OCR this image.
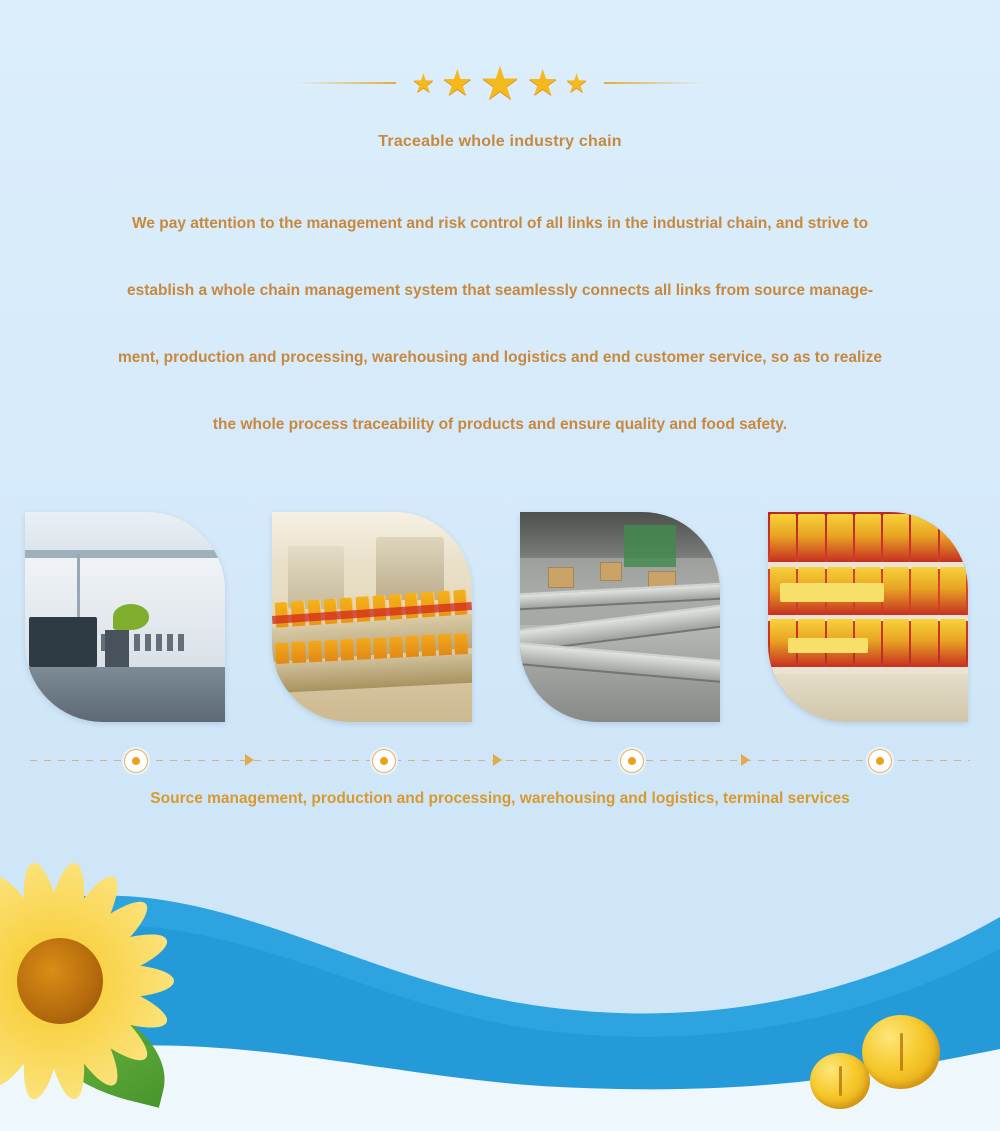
★ ★ ★ ★ ★
Traceable whole industry chain
We pay attention to the management and risk control of all links in the industrial chain, and strive to
establish a whole chain management system that seamlessly connects all links from source manage-
ment, production and processing, warehousing and logistics and end customer service, so as to realize
the whole process traceability of products and ensure quality and food safety.
Source management, production and processing, warehousing and logistics, terminal services
